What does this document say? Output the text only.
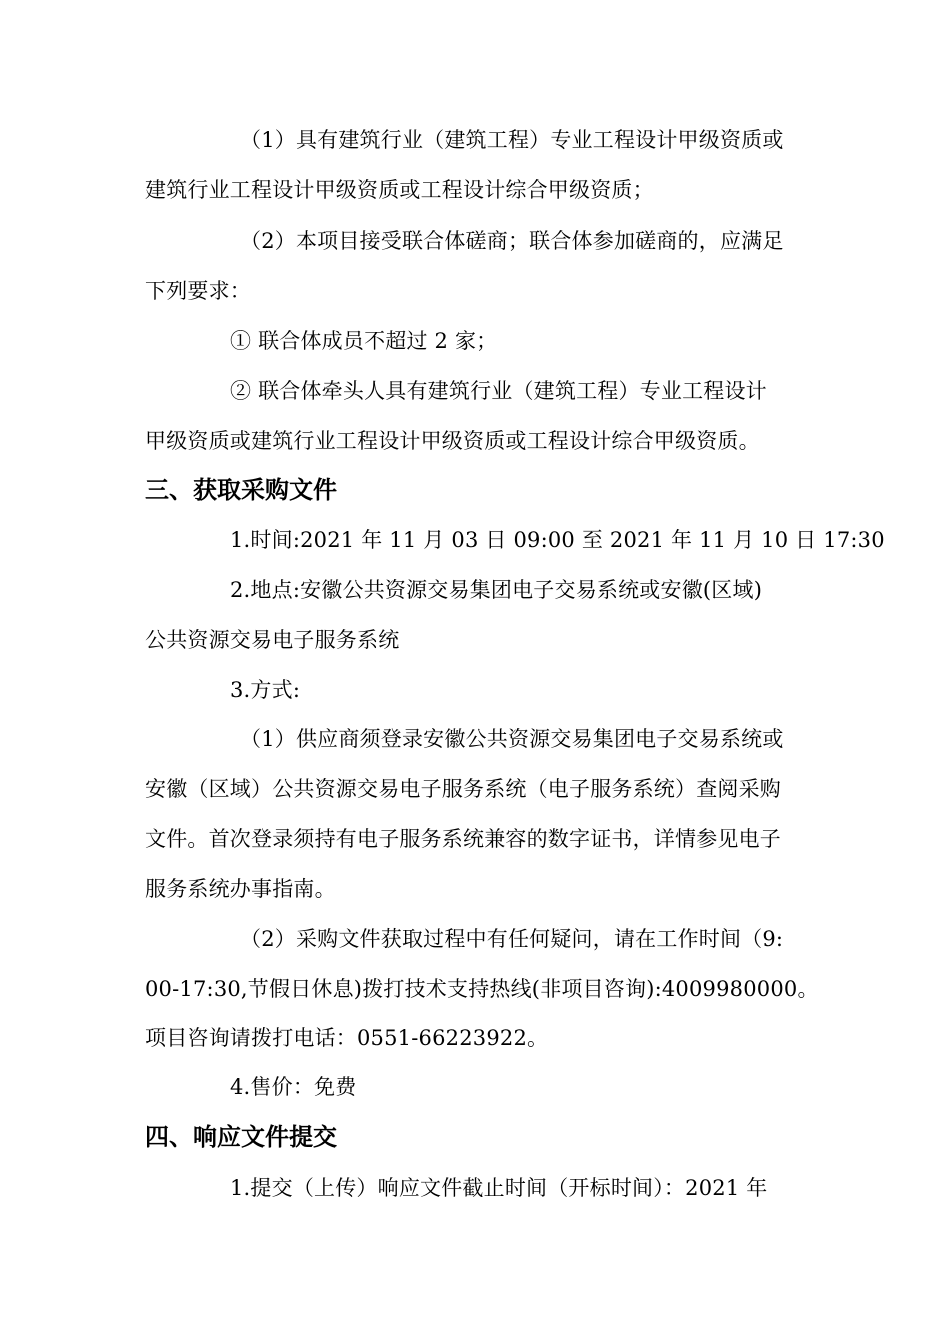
（1）具有建筑行业（建筑工程）专业工程设计甲级资质或
建筑行业工程设计甲级资质或工程设计综合甲级资质；
（2）本项目接受联合体磋商；联合体参加磋商的，应满足
下列要求：
① 联合体成员不超过 2 家；
② 联合体牵头人具有建筑行业（建筑工程）专业工程设计
甲级资质或建筑行业工程设计甲级资质或工程设计综合甲级资质。
三、获取采购文件
1.时间:2021 年 11 月 03 日 09:00 至 2021 年 11 月 10 日 17:30
2.地点:安徽公共资源交易集团电子交易系统或安徽(区域)
公共资源交易电子服务系统
3.方式:
（1）供应商须登录安徽公共资源交易集团电子交易系统或
安徽（区域）公共资源交易电子服务系统（电子服务系统）查阅采购
文件。首次登录须持有电子服务系统兼容的数字证书，详情参见电子
服务系统办事指南。
（2）采购文件获取过程中有任何疑问，请在工作时间（9:
00-17:30,节假日休息)拨打技术支持热线(非项目咨询):4009980000。
项目咨询请拨打电话：0551-66223922。
4.售价：免费
四、响应文件提交
1.提交（上传）响应文件截止时间（开标时间）：2021 年
